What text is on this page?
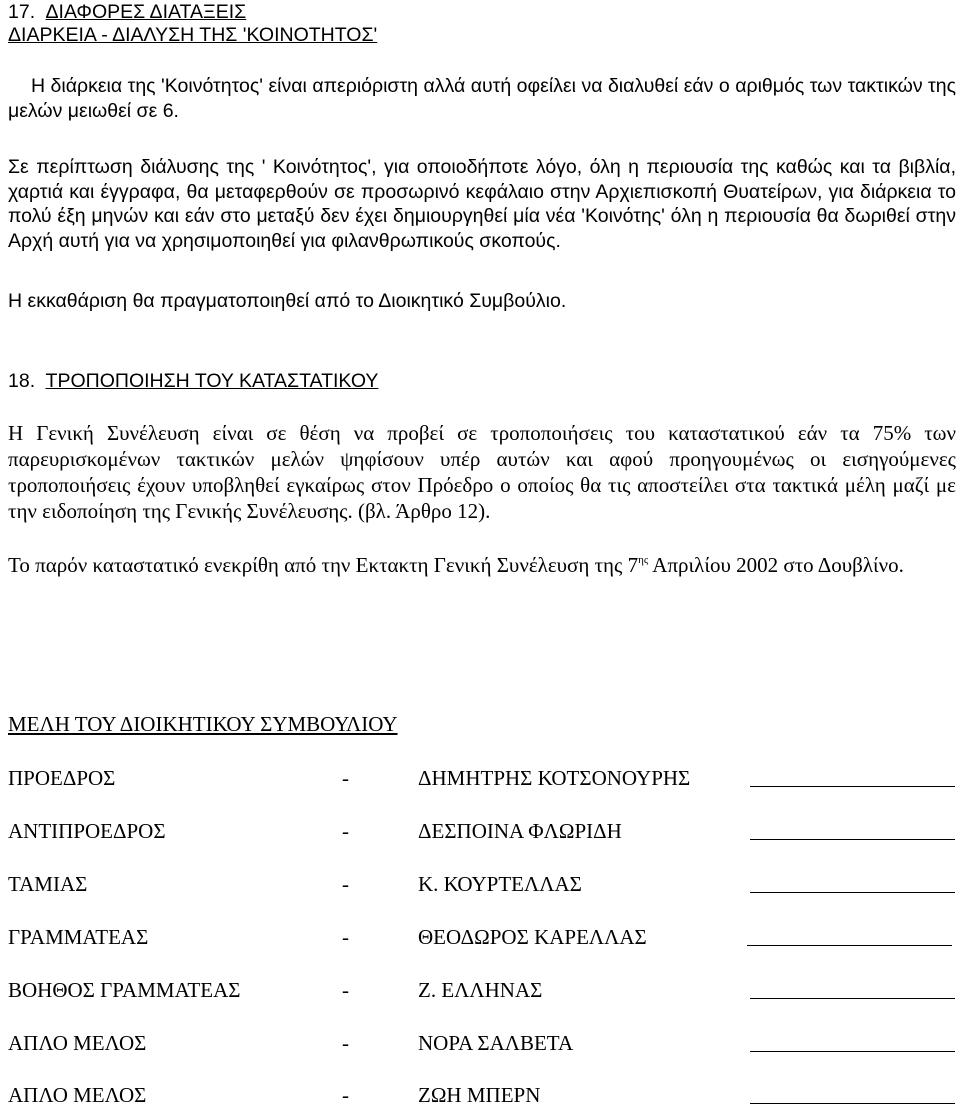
17. ΔΙΑΦΟΡΕΣ ΔΙΑΤΑΞΕΙΣ
ΔΙΑΡΚΕΙΑ - ΔΙΑΛΥΣΗ ΤΗΣ 'ΚΟΙΝΟΤΗΤΟΣ'

Η διάρκεια της 'Κοινότητος' είναι απεριόριστη αλλά αυτή οφείλει να διαλυθεί εάν ο αριθμός των τακτικών της μελών μειωθεί σε 6.

Σε περίπτωση διάλυσης της ' Κοινότητος', για οποιοδήποτε λόγο, όλη η περιουσία της καθώς και τα βιβλία, χαρτιά και έγγραφα, θα μεταφερθούν σε προσωρινό κεφάλαιο στην Αρχιεπισκοπή Θυατείρων, για διάρκεια το πολύ έξη μηνών και εάν στο μεταξύ δεν έχει δημιουργηθεί μία νέα 'Κοινότης' όλη η περιουσία θα δωριθεί στην Αρχή αυτή για να χρησιμοποιηθεί για φιλανθρωπικούς σκοπούς.

Η εκκαθάριση θα πραγματοποιηθεί από το Διοικητικό Συμβούλιο.

18. ΤΡΟΠΟΠΟΙΗΣΗ ΤΟΥ ΚΑΤΑΣΤΑΤΙΚΟΥ

Η Γενική Συνέλευση είναι σε θέση να προβεί σε τροποποιήσεις του καταστατικού εάν τα 75% των παρευρισκομένων τακτικών μελών ψηφίσουν υπέρ αυτών και αφού προηγουμένως οι εισηγούμενες τροποποιήσεις έχουν υποβληθεί εγκαίρως στον Πρόεδρο ο οποίος θα τις αποστείλει στα τακτικά μέλη μαζί με την ειδοποίηση της Γενικής Συνέλευσης. (βλ. Άρθρο 12).

Το παρόν καταστατικό ενεκρίθη από την Εκτακτη Γενική Συνέλευση της $7^{\eta\varsigma}$ Απριλίου 2002 στο Δουβλίνο.

ΜΕΛΗ ΤΟΥ ΔΙΟΙΚΗΤΙΚΟΥ ΣΥΜΒΟΥΛΙΟΥ
ΠΡΟΕΔΡΟΣ	-	ΔΗΜΗΤΡΗΣ ΚΟΤΣΟΝΟΥΡΗΣ
ΑΝΤΙΠΡΟΕΔΡΟΣ	-	ΔΕΣΠΟΙΝΑ ΦΛΩΡΙΔΗ
ΤΑΜΙΑΣ	-	Κ. ΚΟΥΡΤΕΛΛΑΣ
ΓΡΑΜΜΑΤΕΑΣ	-	ΘΕΟΔΩΡΟΣ ΚΑΡΕΛΛΑΣ
ΒΟΗΘΟΣ ΓΡΑΜΜΑΤΕΑΣ	-	Ζ. ΕΛΛΗΝΑΣ
ΑΠΛΟ ΜΕΛΟΣ	-	ΝΟΡΑ ΣΑΛΒΕΤΑ
ΑΠΛΟ ΜΕΛΟΣ	-	ΖΩΗ ΜΠΕΡΝ
